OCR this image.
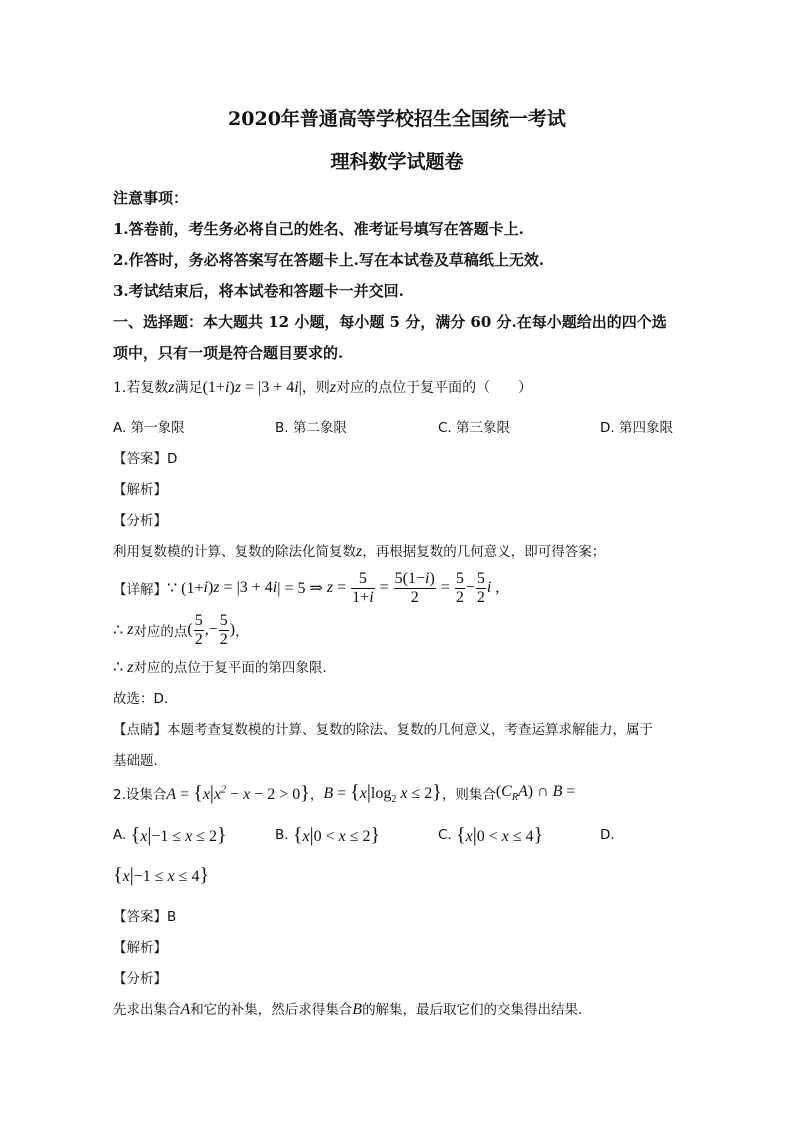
2020年普通高等学校招生全国统一考试
理科数学试题卷
注意事项：
1.答卷前，考生务必将自己的姓名、准考证号填写在答题卡上.
2.作答时，务必将答案写在答题卡上.写在本试卷及草稿纸上无效.
3.考试结束后，将本试卷和答题卡一并交回.
一、选择题：本大题共 12 小题，每小题 5 分，满分 60 分.在每小题给出的四个选
项中，只有一项是符合题目要求的.
1.若复数z满足(1+i)z = |3 + 4i|，则z对应的点位于复平面的（　　）
A. 第一象限	B. 第二象限	C. 第三象限	D. 第四象限
【答案】D
【解析】
【分析】
利用复数模的计算、复数的除法化简复数z，再根据复数的几何意义，即可得答案；
【详解】 ∵ (1+ i ) z = |3 + 4 i | = 5 ⇒ $z = \frac{5}{1+i} = \frac{5(1-i)}{2} = \frac{5}{2} - \frac{5}{2}$ i ,
∴ z 对应的点 ( $\frac{5}{2}$ ,− $\frac{5}{2}$ ) ，
∴ z对应的点位于复平面的第四象限.
故选：D.
【点睛】本题考查复数模的计算、复数的除法、复数的几何意义，考查运算求解能力，属于
基础题.
2.设集合 $A = \{x|x^2 - x - 2 > 0\}$ ， $B = \{x|\log_2$ x ≤ 2} ，则集合 $(C_RA)$ ∩ B =
A.
{x|−1 ≤ x ≤ 2}	B.
{x|0 < x ≤ 2}	C.
{x|0 < x ≤ 4}	D.
{x|−1 ≤ x ≤ 4}
【答案】B
【解析】
【分析】
先求出集合A和它的补集，然后求得集合B的解集，最后取它们的交集得出结果.
